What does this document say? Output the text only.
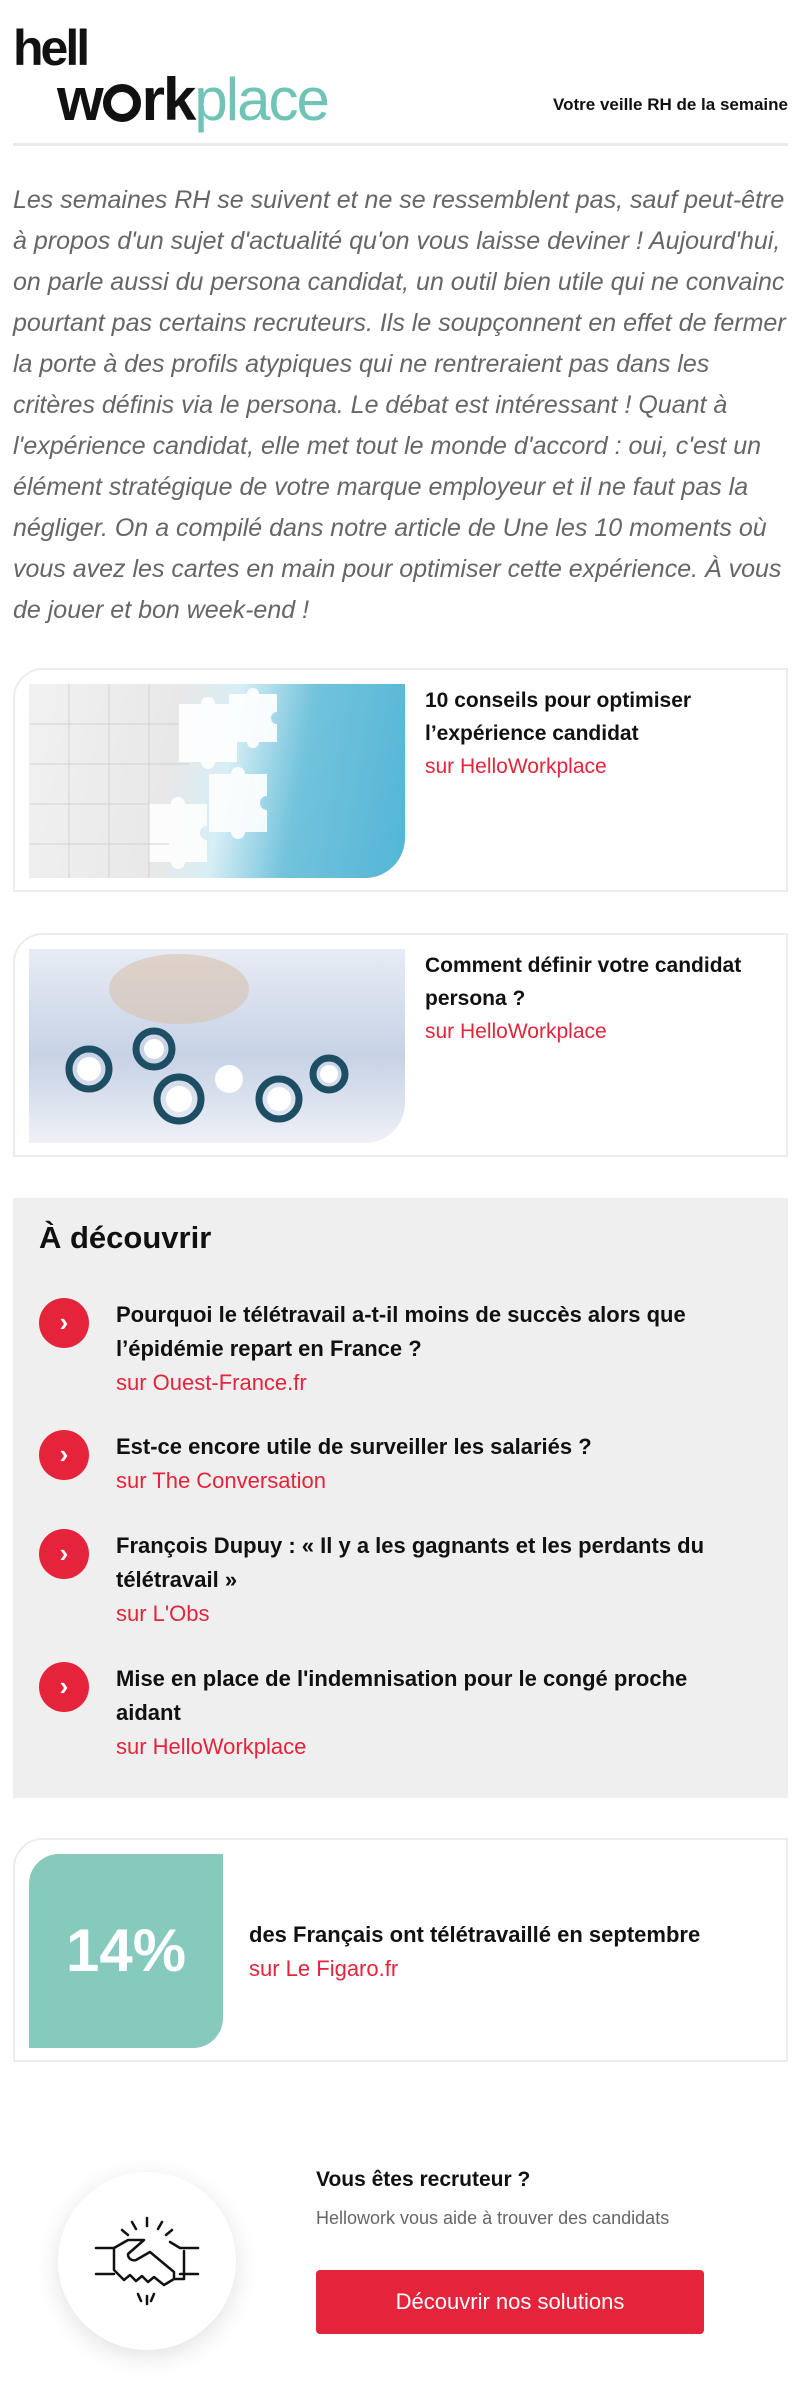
hell
w rkplace	Votre veille RH de la semaine

Les semaines RH se suivent et ne se ressemblent pas, sauf peut-être à propos d'un sujet d'actualité qu'on vous laisse deviner ! Aujourd'hui, on parle aussi du persona candidat, un outil bien utile qui ne convainc pourtant pas certains recruteurs. Ils le soupçonnent en effet de fermer la porte à des profils atypiques qui ne rentreraient pas dans les critères définis via le persona. Le débat est intéressant ! Quant à l'expérience candidat, elle met tout le monde d'accord : oui, c'est un élément stratégique de votre marque employeur et il ne faut pas la négliger. On a compilé dans notre article de Une les 10 moments où vous avez les cartes en main pour optimiser cette expérience. À vous de jouer et bon week-end !

10 conseils pour optimiser l’expérience candidat
sur HelloWorkplace
Comment définir votre candidat persona ?
sur HelloWorkplace
À découvrir
›	Pourquoi le télétravail a-t-il moins de succès alors que l’épidémie repart en France ?
sur Ouest-France.fr
›	Est-ce encore utile de surveiller les salariés ?
sur The Conversation
›	François Dupuy : « Il y a les gagnants et les perdants du télétravail »
sur L'Obs
›	Mise en place de l'indemnisation pour le congé proche aidant
sur HelloWorkplace
14%	des Français ont télétravaillé en septembre
sur Le Figaro.fr
Vous êtes recruteur ?
Hellowork vous aide à trouver des candidats
Découvrir nos solutions
